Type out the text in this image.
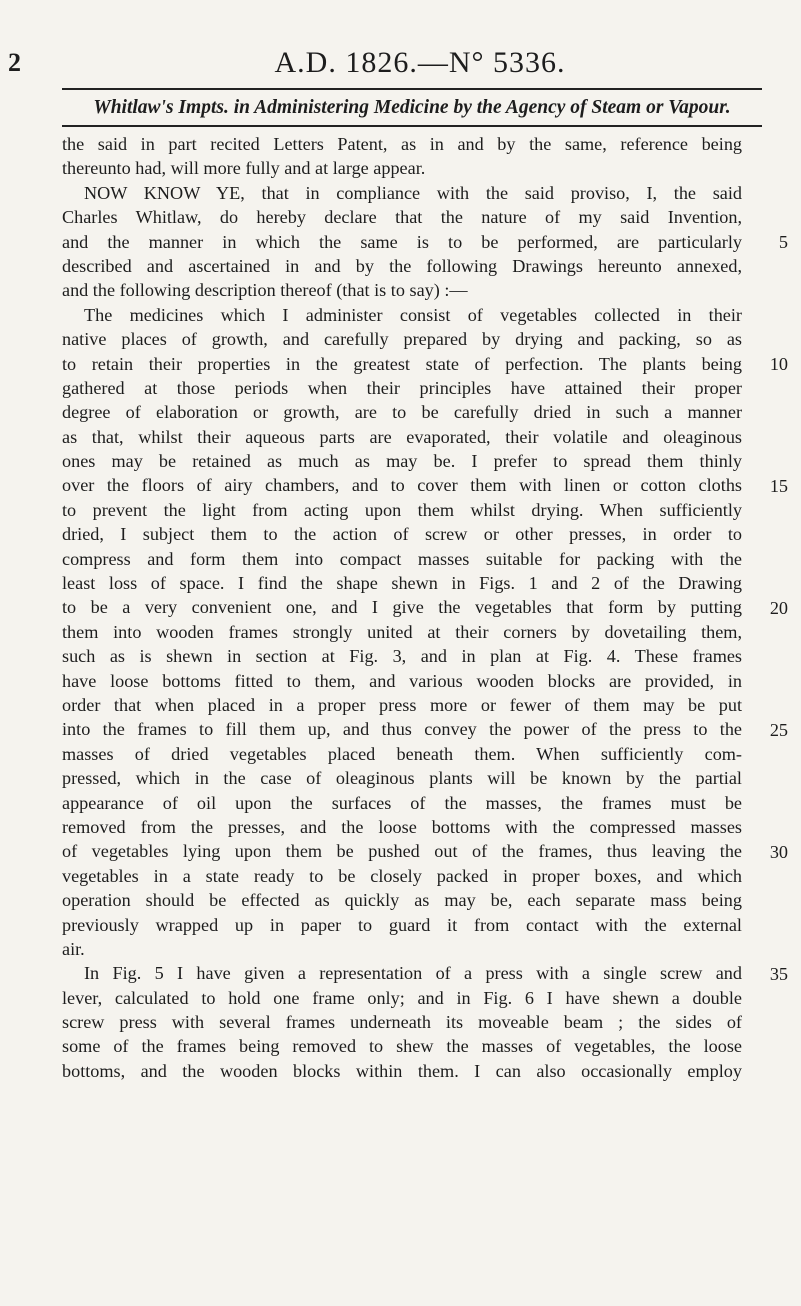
2	A.D. 1826.—N° 5336.
Whitlaw's Impts. in Administering Medicine by the Agency of Steam or Vapour.
the said in part recited Letters Patent, as in and by the same, reference being
thereunto had, will more fully and at large appear.
NOW KNOW YE, that in compliance with the said proviso, I, the said
Charles Whitlaw, do hereby declare that the nature of my said Invention,
and the manner in which the same is to be performed, are particularly
described and ascertained in and by the following Drawings hereunto annexed,
and the following description thereof (that is to say) :—
The medicines which I administer consist of vegetables collected in their
native places of growth, and carefully prepared by drying and packing, so as
to retain their properties in the greatest state of perfection. The plants being
gathered at those periods when their principles have attained their proper
degree of elaboration or growth, are to be carefully dried in such a manner
as that, whilst their aqueous parts are evaporated, their volatile and oleaginous
ones may be retained as much as may be. I prefer to spread them thinly
over the floors of airy chambers, and to cover them with linen or cotton cloths
to prevent the light from acting upon them whilst drying. When sufficiently
dried, I subject them to the action of screw or other presses, in order to
compress and form them into compact masses suitable for packing with the
least loss of space. I find the shape shewn in Figs. 1 and 2 of the Drawing
to be a very convenient one, and I give the vegetables that form by putting
them into wooden frames strongly united at their corners by dovetailing them,
such as is shewn in section at Fig. 3, and in plan at Fig. 4. These frames
have loose bottoms fitted to them, and various wooden blocks are provided, in
order that when placed in a proper press more or fewer of them may be put
into the frames to fill them up, and thus convey the power of the press to the
masses of dried vegetables placed beneath them. When sufficiently com-
pressed, which in the case of oleaginous plants will be known by the partial
appearance of oil upon the surfaces of the masses, the frames must be
removed from the presses, and the loose bottoms with the compressed masses
of vegetables lying upon them be pushed out of the frames, thus leaving the
vegetables in a state ready to be closely packed in proper boxes, and which
operation should be effected as quickly as may be, each separate mass being
previously wrapped up in paper to guard it from contact with the external
air.
In Fig. 5 I have given a representation of a press with a single screw and
lever, calculated to hold one frame only; and in Fig. 6 I have shewn a double
screw press with several frames underneath its moveable beam ; the sides of
some of the frames being removed to shew the masses of vegetables, the loose
bottoms, and the wooden blocks within them. I can also occasionally employ
5
10
15
20
25
30
35
